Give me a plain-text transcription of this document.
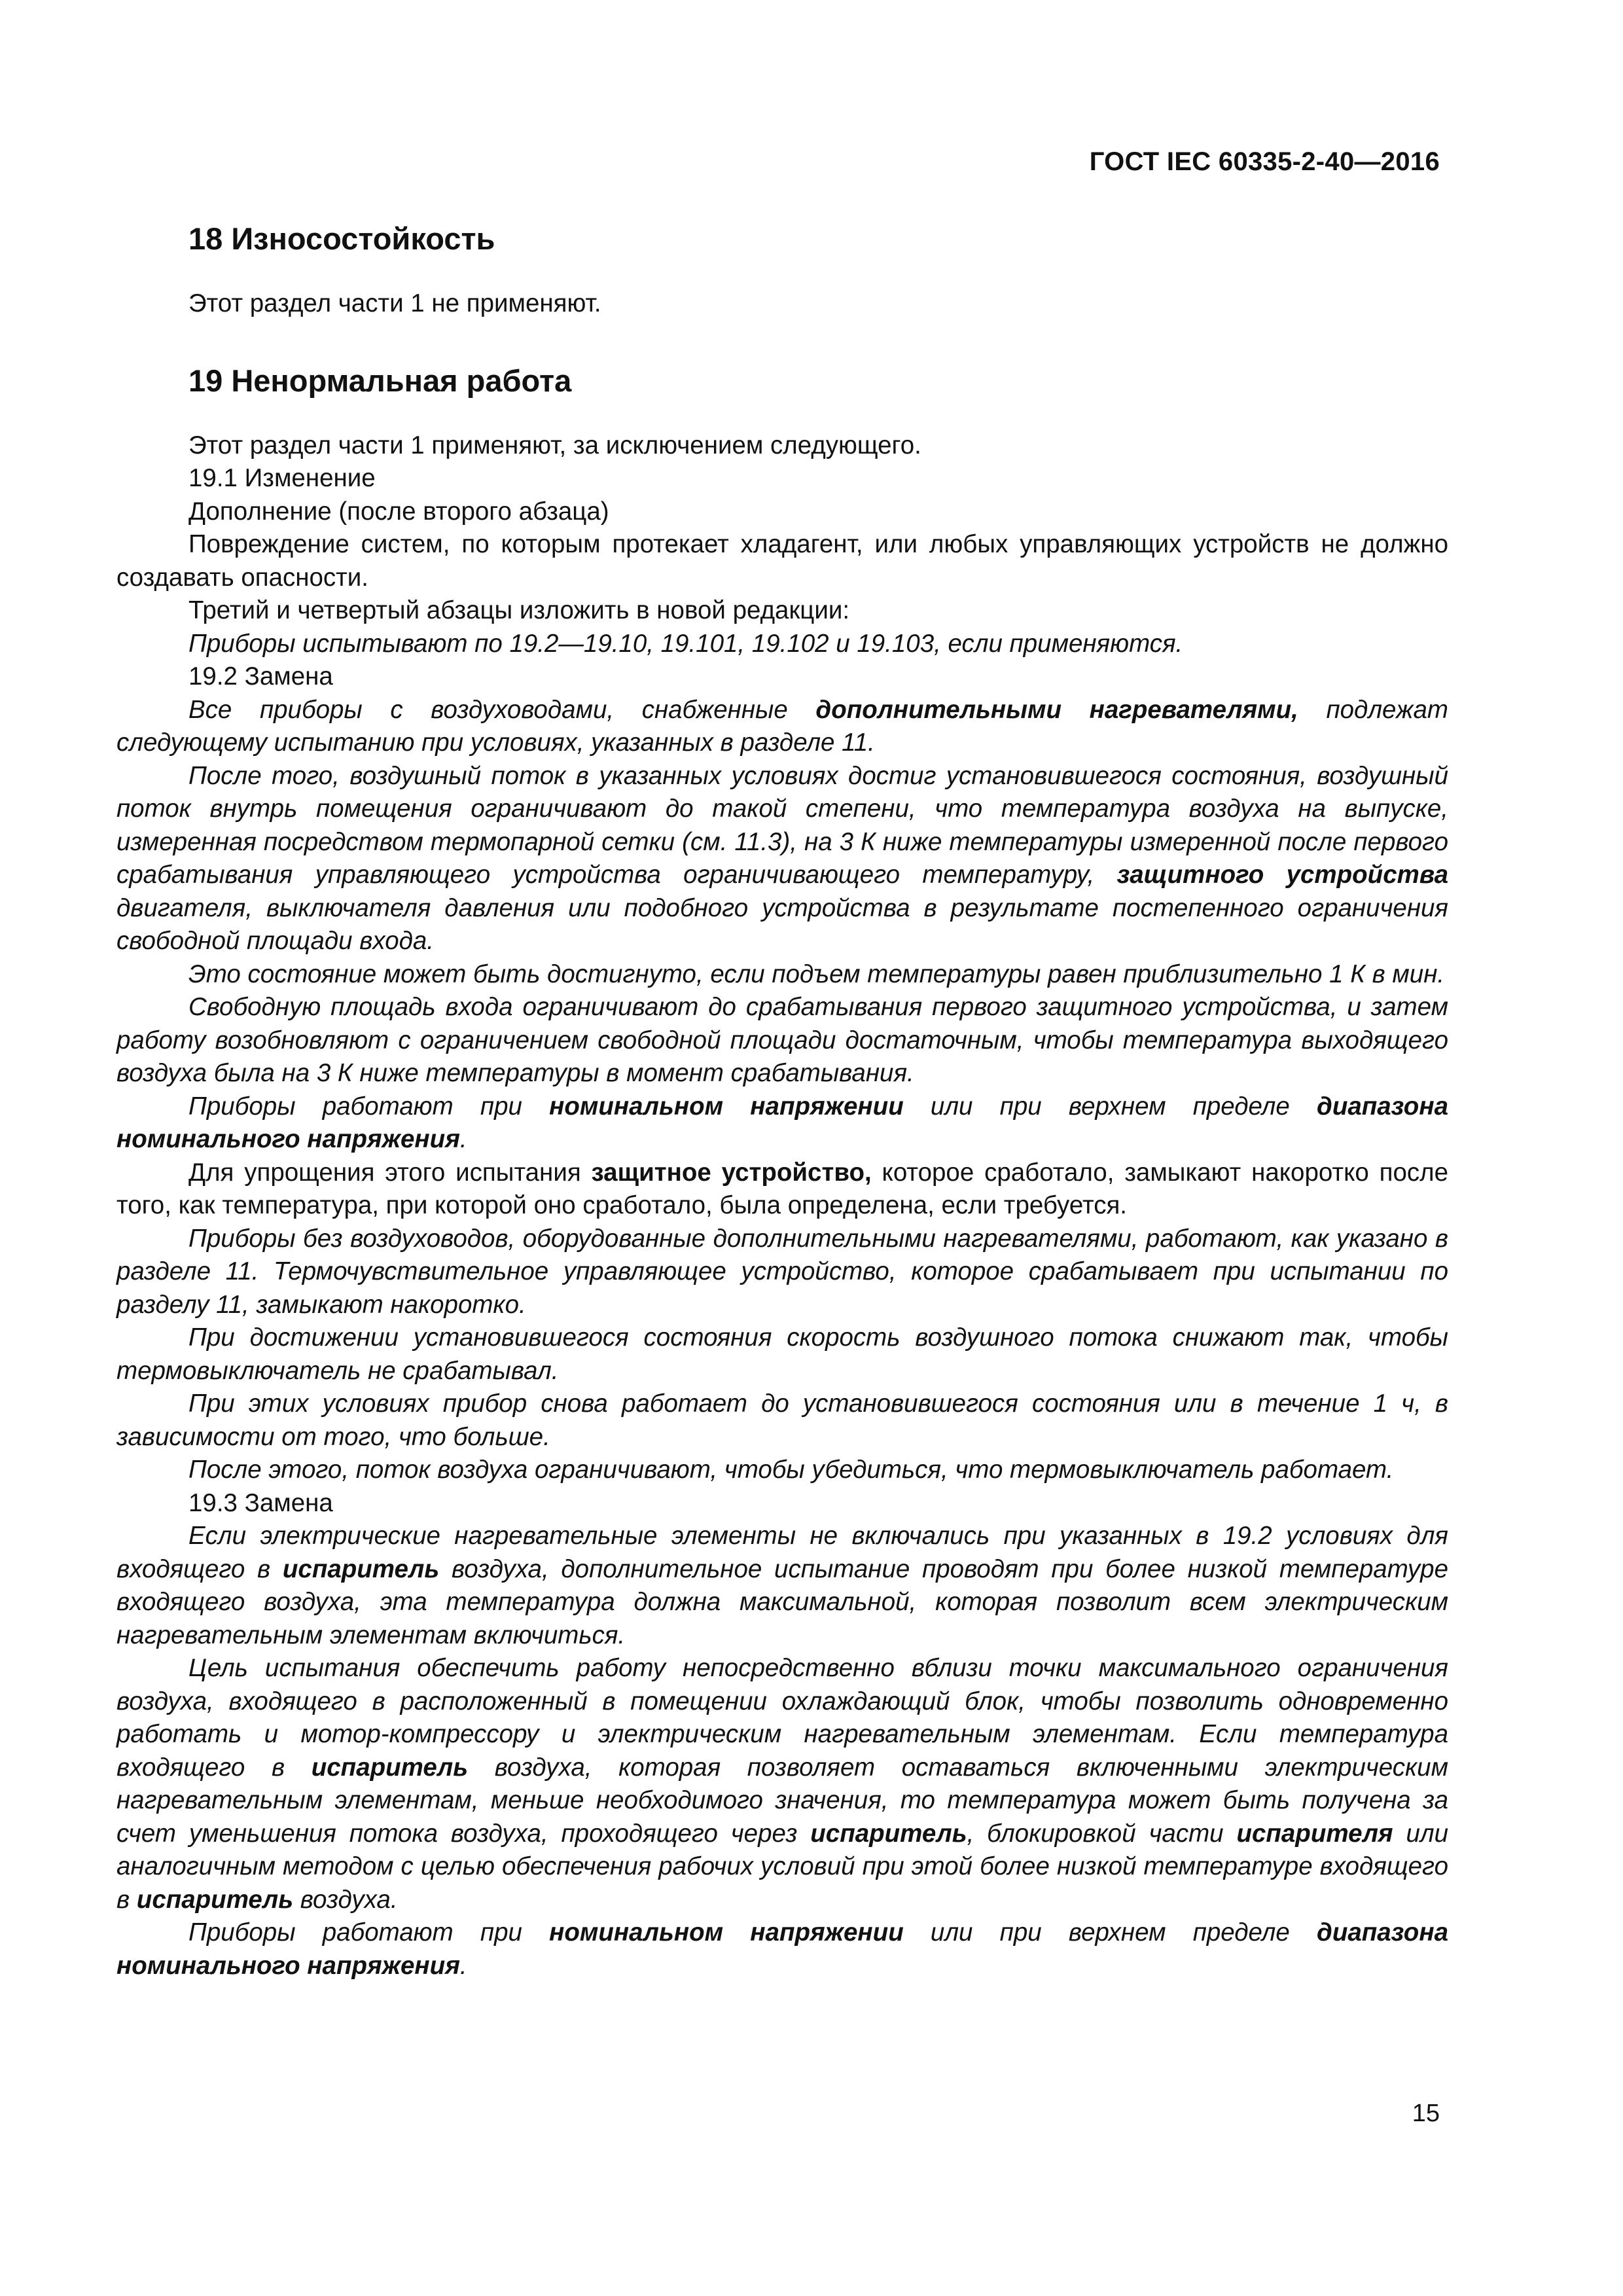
ГОСТ IEC 60335-2-40—2016
18 Износостойкость

Этот раздел части 1 не применяют.

19 Ненормальная работа

Этот раздел части 1 применяют, за исключением следующего.

19.1 Изменение

Дополнение (после второго абзаца)

Повреждение систем, по которым протекает хладагент, или любых управляющих устройств не должно создавать опасности.

Третий и четвертый абзацы изложить в новой редакции:

Приборы испытывают по 19.2—19.10, 19.101, 19.102 и 19.103, если применяются.

19.2 Замена

Все приборы с воздуховодами, снабженные дополнительными нагревателями, подлежат следующему испытанию при условиях, указанных в разделе 11.

После того, воздушный поток в указанных условиях достиг установившегося состояния, воздушный поток внутрь помещения ограничивают до такой степени, что температура воздуха на выпуске, измеренная посредством термопарной сетки (см. 11.3), на 3 К ниже температуры измеренной после первого срабатывания управляющего устройства ограничивающего температуру, защитного устройства двигателя, выключателя давления или подобного устройства в результате постепенного ограничения свободной площади входа.

Это состояние может быть достигнуто, если подъем температуры равен приблизительно 1 К в мин.

Свободную площадь входа ограничивают до срабатывания первого защитного устройства, и затем работу возобновляют с ограничением свободной площади достаточным, чтобы температура выходящего воздуха была на 3 К ниже температуры в момент срабатывания.

Приборы работают при номинальном напряжении или при верхнем пределе диапазона номинального напряжения.

Для упрощения этого испытания защитное устройство, которое сработало, замыкают накоротко после того, как температура, при которой оно сработало, была определена, если требуется.

Приборы без воздуховодов, оборудованные дополнительными нагревателями, работают, как указано в разделе 11. Термочувствительное управляющее устройство, которое срабатывает при испытании по разделу 11, замыкают накоротко.

При достижении установившегося состояния скорость воздушного потока снижают так, чтобы термовыключатель не срабатывал.

При этих условиях прибор снова работает до установившегося состояния или в течение 1 ч, в зависимости от того, что больше.

После этого, поток воздуха ограничивают, чтобы убедиться, что термовыключатель работает.

19.3 Замена

Если электрические нагревательные элементы не включались при указанных в 19.2 условиях для входящего в испаритель воздуха, дополнительное испытание проводят при более низкой температуре входящего воздуха, эта температура должна максимальной, которая позволит всем электрическим нагревательным элементам включиться.

Цель испытания обеспечить работу непосредственно вблизи точки максимального ограничения воздуха, входящего в расположенный в помещении охлаждающий блок, чтобы позволить одновременно работать и мотор-компрессору и электрическим нагревательным элементам. Если температура входящего в испаритель воздуха, которая позволяет оставаться включенными электрическим нагревательным элементам, меньше необходимого значения, то температура может быть получена за счет уменьшения потока воздуха, проходящего через испаритель, блокировкой части испарителя или аналогичным методом с целью обеспечения рабочих условий при этой более низкой температуре входящего в испаритель воздуха.

Приборы работают при номинальном напряжении или при верхнем пределе диапазона номинального напряжения.

15
